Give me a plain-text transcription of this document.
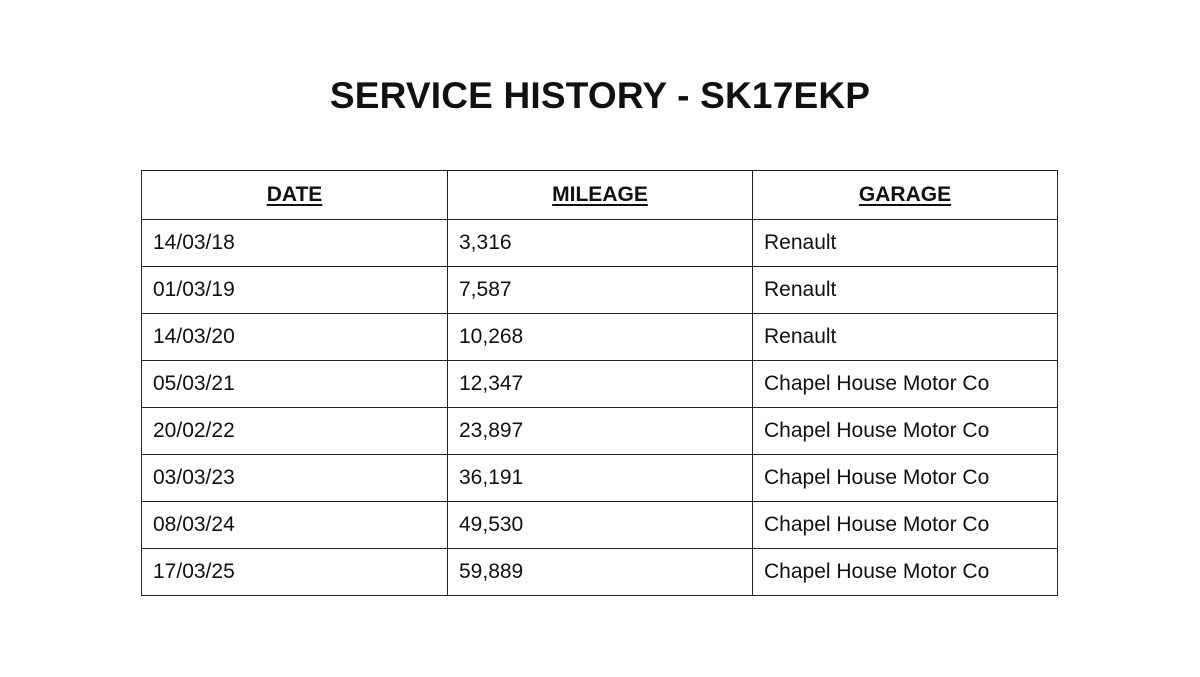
SERVICE HISTORY - SK17EKP
DATE	MILEAGE	GARAGE
14/03/18	3,316	Renault
01/03/19	7,587	Renault
14/03/20	10,268	Renault
05/03/21	12,347	Chapel House Motor Co
20/02/22	23,897	Chapel House Motor Co
03/03/23	36,191	Chapel House Motor Co
08/03/24	49,530	Chapel House Motor Co
17/03/25	59,889	Chapel House Motor Co
